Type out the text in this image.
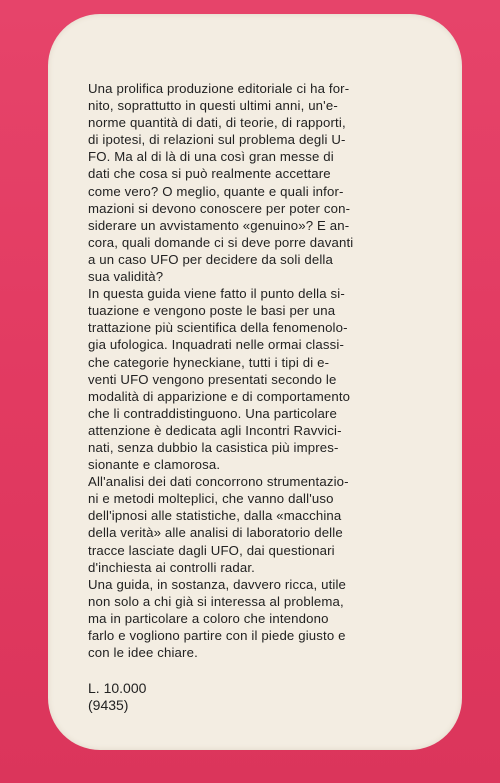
Una prolifica produzione editoriale ci ha for-
nito, soprattutto in questi ultimi anni, un'e-
norme quantità di dati, di teorie, di rapporti,
di ipotesi, di relazioni sul problema degli U-
FO. Ma al di là di una così gran messe di
dati che cosa si può realmente accettare
come vero? O meglio, quante e quali infor-
mazioni si devono conoscere per poter con-
siderare un avvistamento «genuino»? E an-
cora, quali domande ci si deve porre davanti
a un caso UFO per decidere da soli della
sua validità?
In questa guida viene fatto il punto della si-
tuazione e vengono poste le basi per una
trattazione più scientifica della fenomenolo-
gia ufologica. Inquadrati nelle ormai classi-
che categorie hyneckiane, tutti i tipi di e-
venti UFO vengono presentati secondo le
modalità di apparizione e di comportamento
che li contraddistinguono. Una particolare
attenzione è dedicata agli Incontri Ravvici-
nati, senza dubbio la casistica più impres-
sionante e clamorosa.
All'analisi dei dati concorrono strumentazio-
ni e metodi molteplici, che vanno dall'uso
dell'ipnosi alle statistiche, dalla «macchina
della verità» alle analisi di laboratorio delle
tracce lasciate dagli UFO, dai questionari
d'inchiesta ai controlli radar.
Una guida, in sostanza, davvero ricca, utile
non solo a chi già si interessa al problema,
ma in particolare a coloro che intendono
farlo e vogliono partire con il piede giusto e
con le idee chiare.

L. 10.000
(9435)
